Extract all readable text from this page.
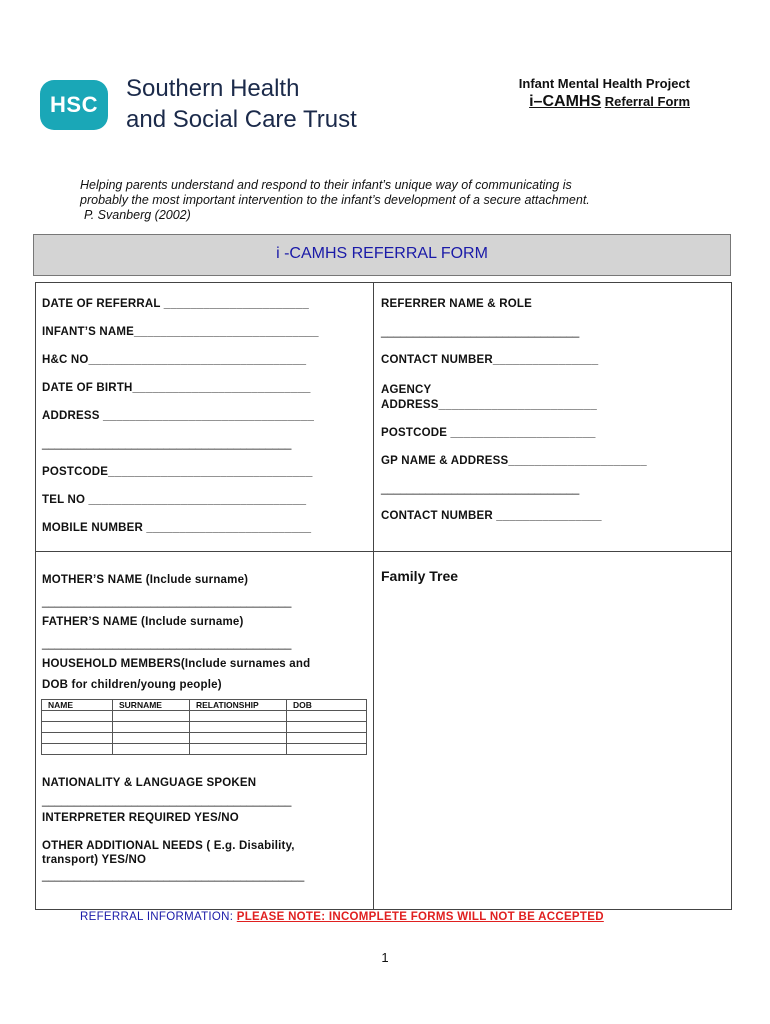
HSC
Southern Health
and Social Care Trust
Infant Mental Health Project
i–CAMHS Referral Form
Helping parents understand and respond to their infant’s unique way of communicating is
probably the most important intervention to the infant’s development of a secure attachment.
P. Svanberg (2002)
i -CAMHS REFERRAL FORM
DATE OF REFERRAL ______________________
INFANT’S NAME____________________________
H&C NO_________________________________
DATE OF BIRTH___________________________
ADDRESS ________________________________
_______________________________________
POSTCODE_______________________________
TEL NO _________________________________
MOBILE NUMBER _________________________
REFERRER NAME & ROLE
_______________________________
CONTACT NUMBER________________
AGENCY
ADDRESS________________________
POSTCODE ______________________
GP NAME & ADDRESS_____________________
_______________________________
CONTACT NUMBER ________________
MOTHER’S NAME (Include surname)
_______________________________________
FATHER’S NAME (Include surname)
_______________________________________
HOUSEHOLD MEMBERS(Include surnames and
DOB for children/young people)
NAME	SURNAME	RELATIONSHIP	DOB

NATIONALITY & LANGUAGE SPOKEN
_______________________________________
INTERPRETER REQUIRED YES/NO
OTHER ADDITIONAL NEEDS ( E.g. Disability,
transport) YES/NO
_________________________________________
Family Tree
REFERRAL INFORMATION: PLEASE NOTE: INCOMPLETE FORMS WILL NOT BE ACCEPTED
1
